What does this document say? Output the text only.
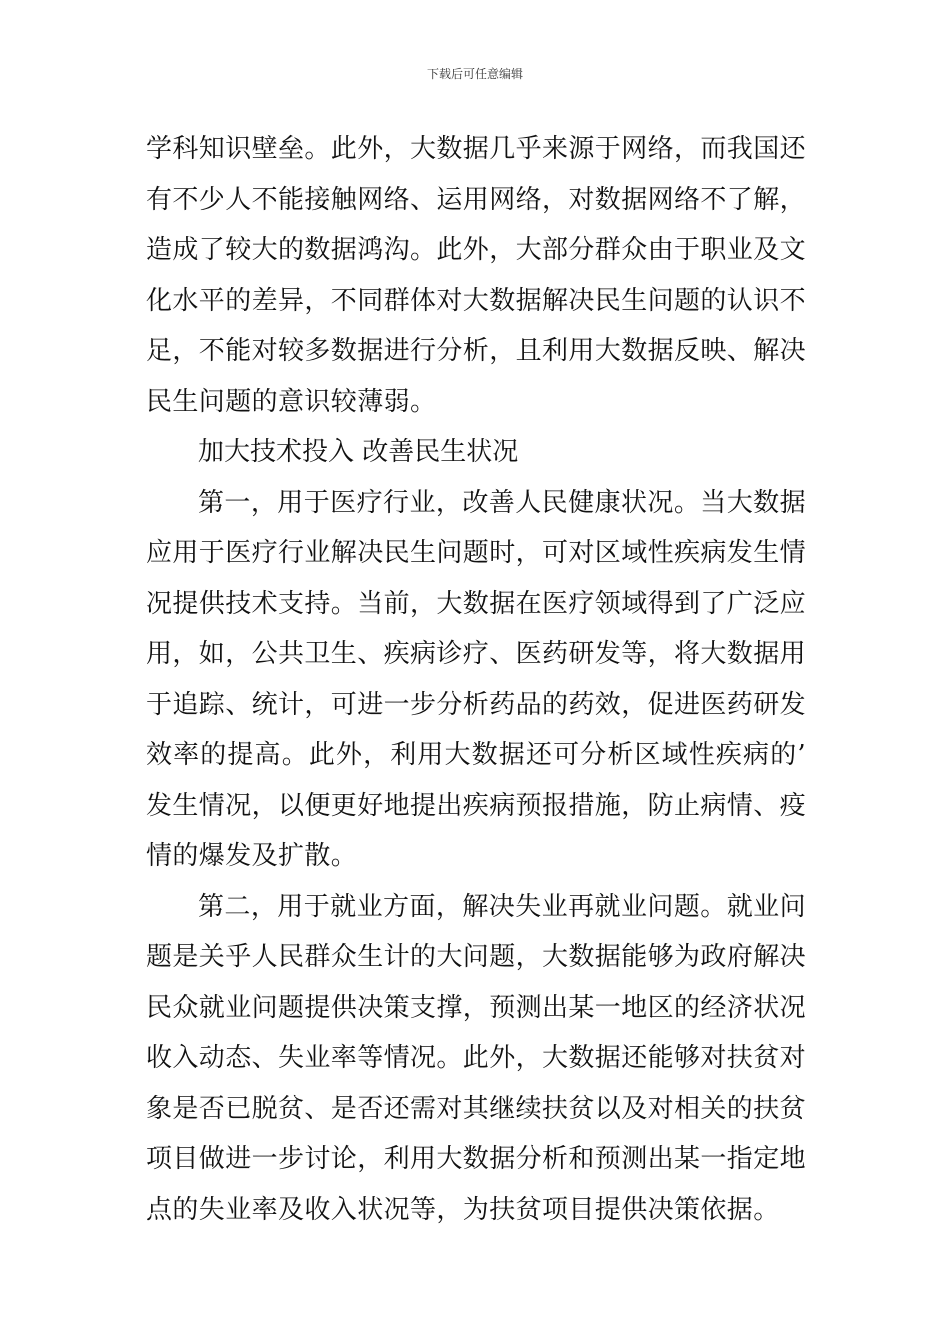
下载后可任意编辑
学科知识壁垒。此外，大数据几乎来源于网络，而我国还
有不少人不能接触网络、运用网络，对数据网络不了解，
造成了较大的数据鸿沟。此外，大部分群众由于职业及文
化水平的差异，不同群体对大数据解决民生问题的认识不
足，不能对较多数据进行分析，且利用大数据反映、解决
民生问题的意识较薄弱。
加大技术投入 改善民生状况
第一，用于医疗行业，改善人民健康状况。当大数据
应用于医疗行业解决民生问题时，可对区域性疾病发生情
况提供技术支持。当前，大数据在医疗领域得到了广泛应
用，如，公共卫生、疾病诊疗、医药研发等，将大数据用
于追踪、统计，可进一步分析药品的药效，促进医药研发
效率的提高。此外，利用大数据还可分析区域性疾病的’
发生情况，以便更好地提出疾病预报措施，防止病情、疫
情的爆发及扩散。
第二，用于就业方面，解决失业再就业问题。就业问
题是关乎人民群众生计的大问题，大数据能够为政府解决
民众就业问题提供决策支撑，预测出某一地区的经济状况
收入动态、失业率等情况。此外，大数据还能够对扶贫对
象是否已脱贫、是否还需对其继续扶贫以及对相关的扶贫
项目做进一步讨论，利用大数据分析和预测出某一指定地
点的失业率及收入状况等，为扶贫项目提供决策依据。
